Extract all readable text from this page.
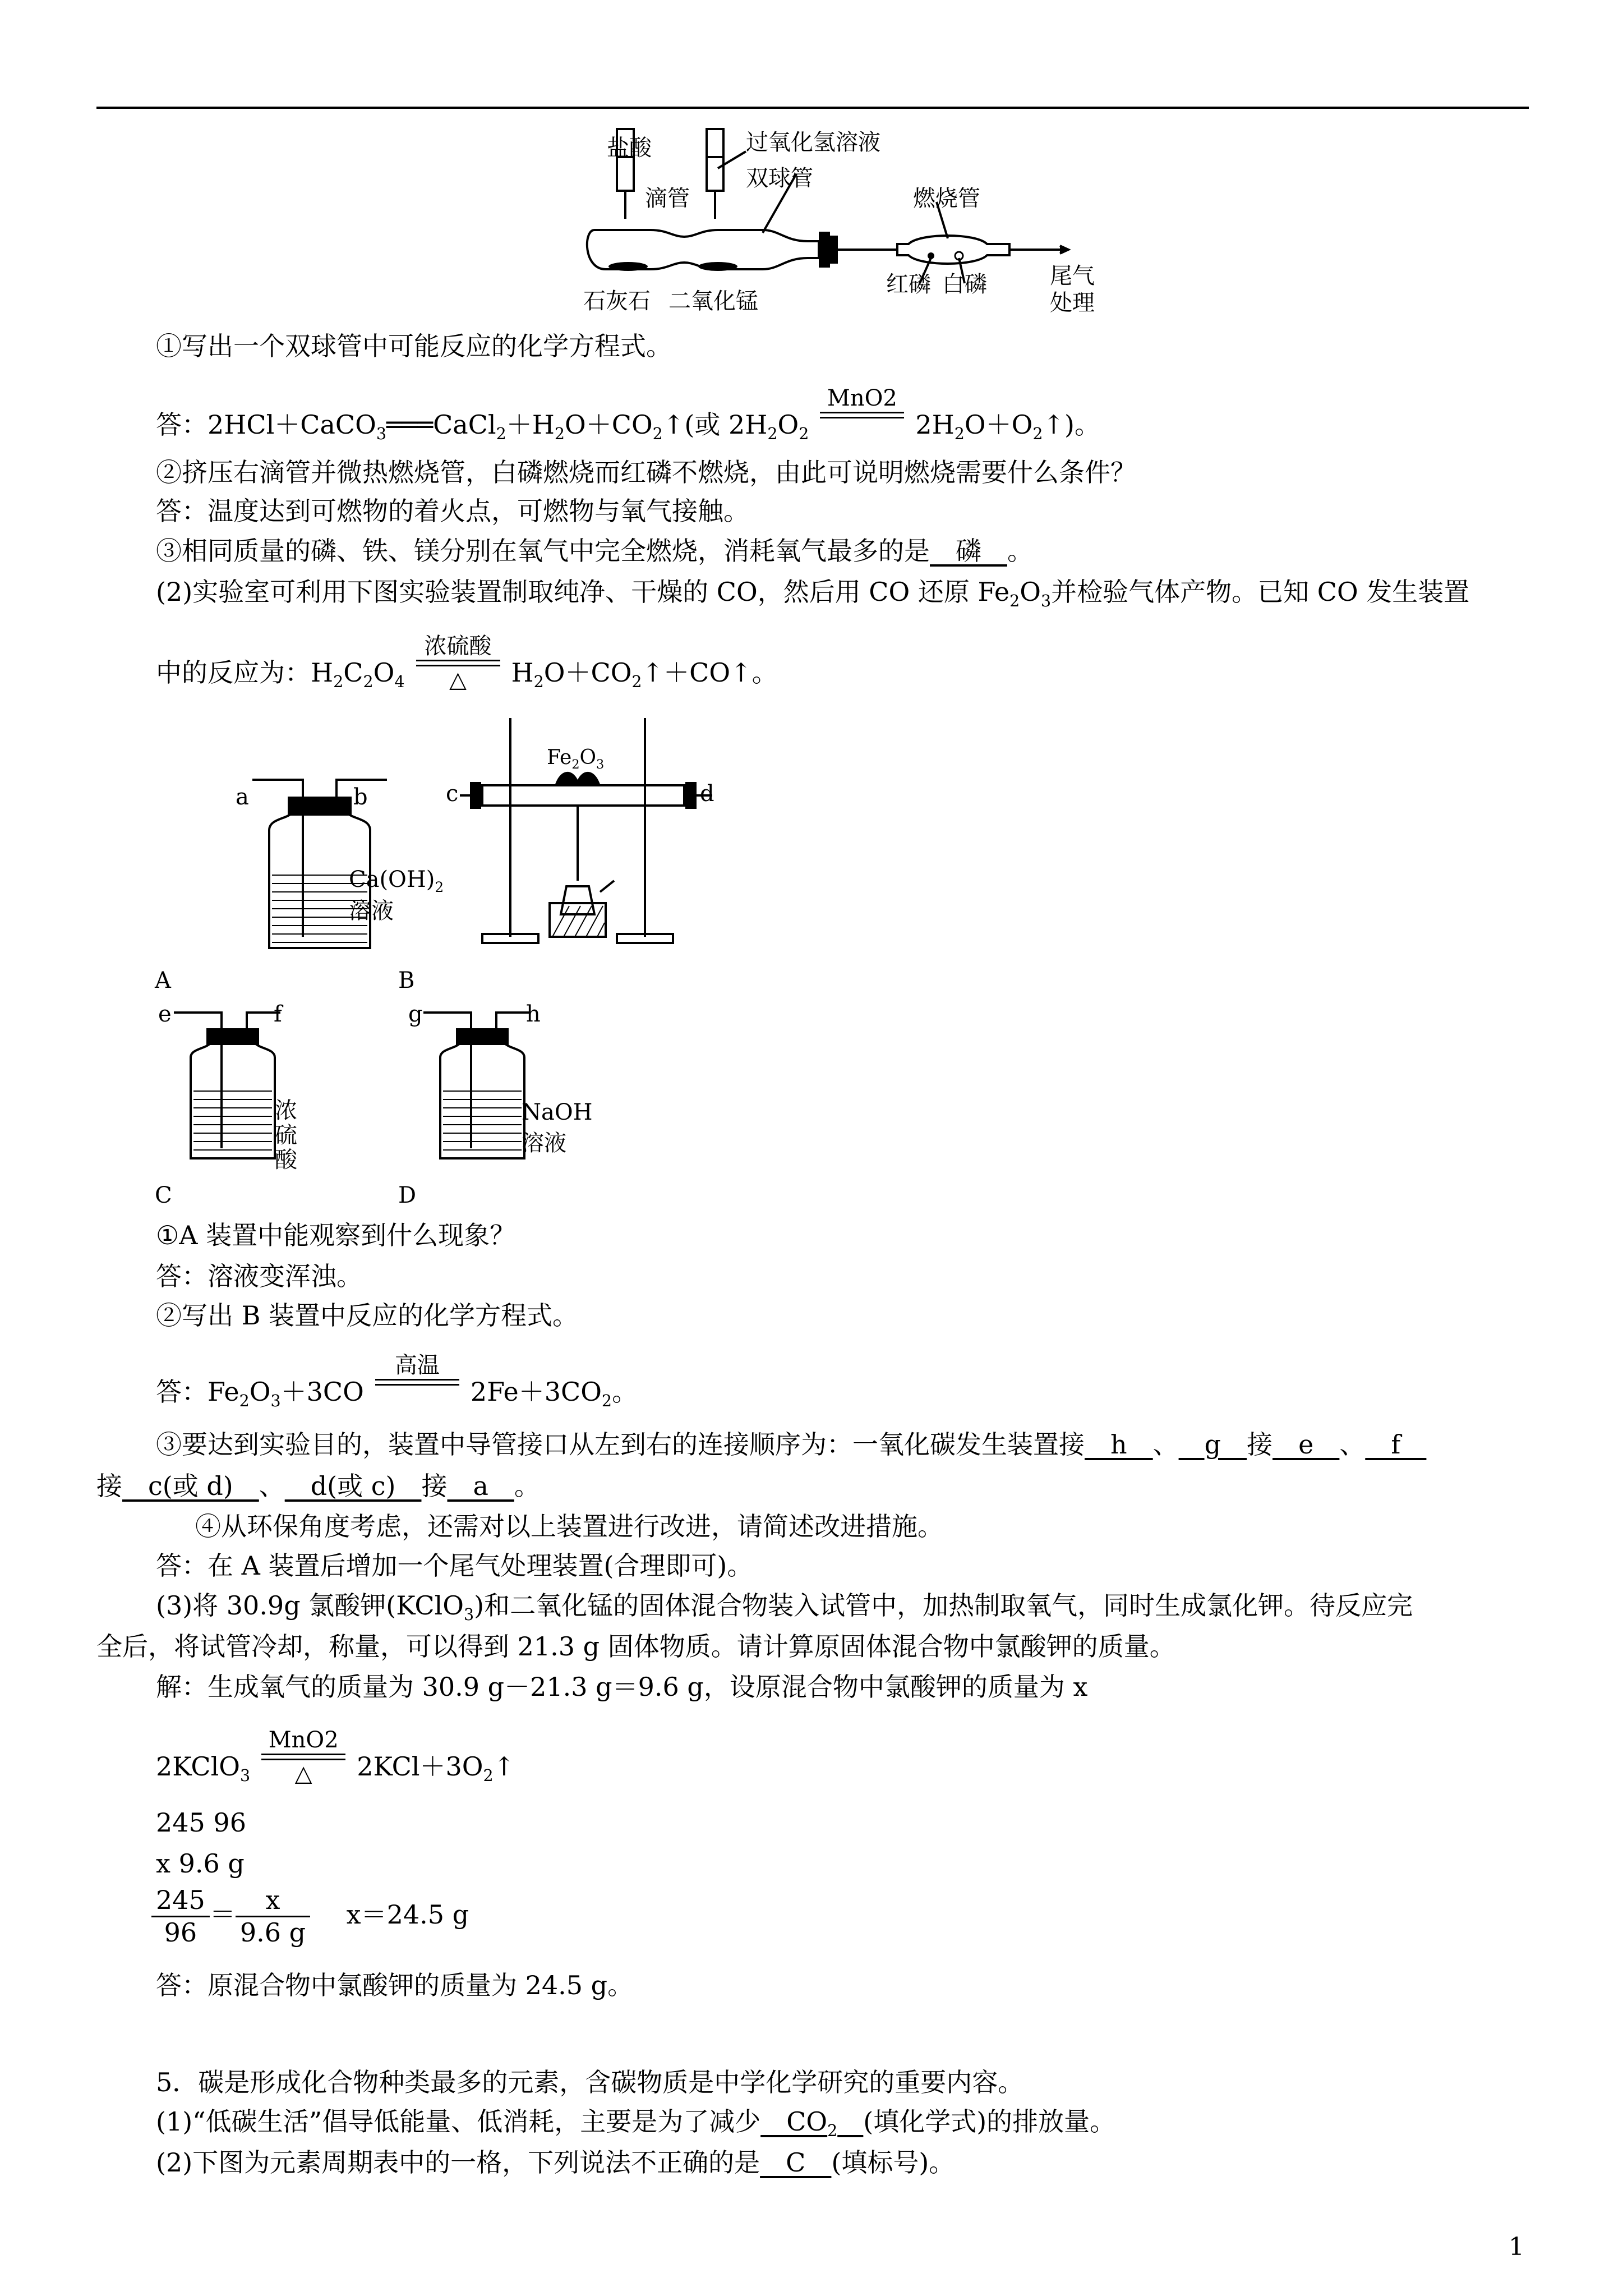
盐酸	过氧化氢溶液
滴管
双球管
燃烧管
石灰石 二氧化锰
红磷 白磷	尾气
处理
①写出一个双球管中可能反应的化学方程式。
答：$2HCl+CaCO_3═══CaCl_2+H_2O+CO_2↑$(或 $2H_2O_2$
MnO2
$2H_2O+O_2↑$)。
②挤压右滴管并微热燃烧管，白磷燃烧而红磷不燃烧，由此可说明燃烧需要什么条件？
答：温度达到可燃物的着火点，可燃物与氧气接触。
③相同质量的磷、铁、镁分别在氧气中完全燃烧，消耗氧气最多的是__磷__。
(2)实验室可利用下图实验装置制取纯净、干燥的 CO，然后用 CO 还原 $Fe_2O_3$并检验气体产物。已知 CO 发生装置
中的反应为：$H_2C_2O_4$
浓硫酸
△	$H_2O+CO_2↑+CO↑$。
a	b
$Ca(OH)_2$
溶液
$Fe_2O_3$
c	d
A	B
e	f
浓
硫
酸
g	h
NaOH
溶液
C	D
①A 装置中能观察到什么现象？
答：溶液变浑浊。
②写出 B 装置中反应的化学方程式。
答：$Fe_2O_3+3CO$
高温
$2Fe+3CO_2$。
③要达到实验目的，装置中导管接口从左到右的连接顺序为：一氧化碳发生装置接__h__、__g__接__e__、__f__
接__c(或 d)__、__d(或 c)__接__a__。
④从环保角度考虑，还需对以上装置进行改进，请简述改进措施。
答：在 A 装置后增加一个尾气处理装置(合理即可)。
(3)将 30.9g 氯酸钾(KClO$_3$)和二氧化锰的固体混合物装入试管中，加热制取氧气，同时生成氯化钾。待反应完
全后，将试管冷却，称量，可以得到 21.3 g 固体物质。请计算原固体混合物中氯酸钾的质量。
解：生成氧气的质量为 30.9 g－21.3 g＝9.6 g，设原混合物中氯酸钾的质量为 x
2KClO$_3$
MnO2
△	$2KCl+3O_2↑$
245 96
x 9.6 g
$\frac{245}{96} = \frac{x}{9.6 g} x=24.5$ g
答：原混合物中氯酸钾的质量为 24.5 g。
5．碳是形成化合物种类最多的元素，含碳物质是中学化学研究的重要内容。
(1)“低碳生活”倡导低能量、低消耗，主要是为了减少$\_\_CO_2\_\_$(填化学式)的排放量。
(2)下图为元素周期表中的一格，下列说法不正确的是__C__(填标号)。
1
